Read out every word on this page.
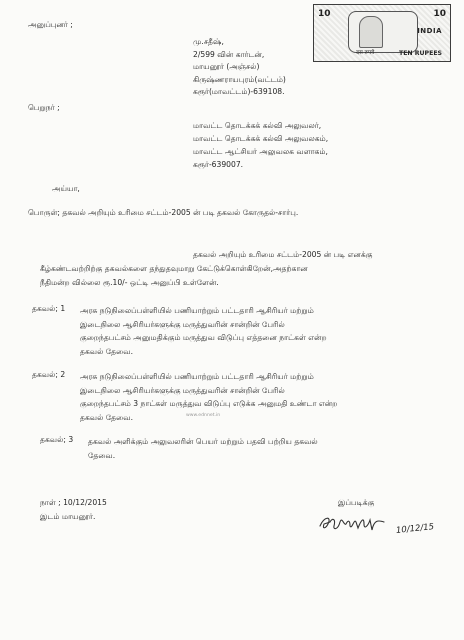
10	10
INDIA
दस रुपये	TEN RUPEES
அனுப்புனர் ;
மு.சதீஷ்,
2/599 வின் கார்டன்,
மாயனூர் (அஞ்சல்)
கிருஷ்ணராயபுரம்(வட்டம்)
கரூர்(மாவட்டம்)-639108.
பெறுநர் ;
மாவட்ட தொடக்கக் கல்வி அலுவலர்,
மாவட்ட தொடக்கக் கல்வி அலுவலகம்,
மாவட்ட ஆட்சியர் அலுவலக வளாகம்,
கரூர்-639007.
அய்யா,
பொருள்; தகவல் அறியும் உரிமை சட்டம்-2005 ன் படி தகவல் கோருதல்-சார்பு.
தகவல் அறியும் உரிமை சட்டம்-2005 ன் படி எனக்கு
கீழ்கண்டவற்றிற்கு தகவல்களை தந்துதவுமாறு கேட்டுக்கொள்கிறேன்,அதற்கான
நீதிமன்ற வில்லை ரூ.10/- ஒட்டி அனுப்பி உள்ளேன்.
தகவல்; 1 அரசு நடுநிலைப்பள்ளியில் பணியாற்றும் பட்டதாரி ஆசிரியர் மற்றும்
இடைநிலை ஆசிரியர்களுக்கு மருத்துவரின் சான்றின் பேரில்
குறைந்தபட்சம் அனுமதிக்கும் மருத்துவ விடுப்பு எத்தனை நாட்கள் என்ற
தகவல் தேவை.
தகவல்; 2 அரசு நடுநிலைப்பள்ளியில் பணியாற்றும் பட்டதாரி ஆசிரியர் மற்றும்
இடைநிலை ஆசிரியர்களுக்கு மருத்துவரின் சான்றின் பேரில்
குறைந்தபட்சம் 3 நாட்கள் மருத்துவ விடுப்பு எடுக்க அனுமதி உண்டா என்ற
தகவல் தேவை.	www.ednnet.in
தகவல்; 3 தகவல் அளிக்கும் அலுவலரின் பெயர் மற்றும் பதவி பற்றிய தகவல்
தேவை.
நாள் ; 10/12/2015
இடம் மாயனூர்.
இப்படிக்கு
10/12/15
